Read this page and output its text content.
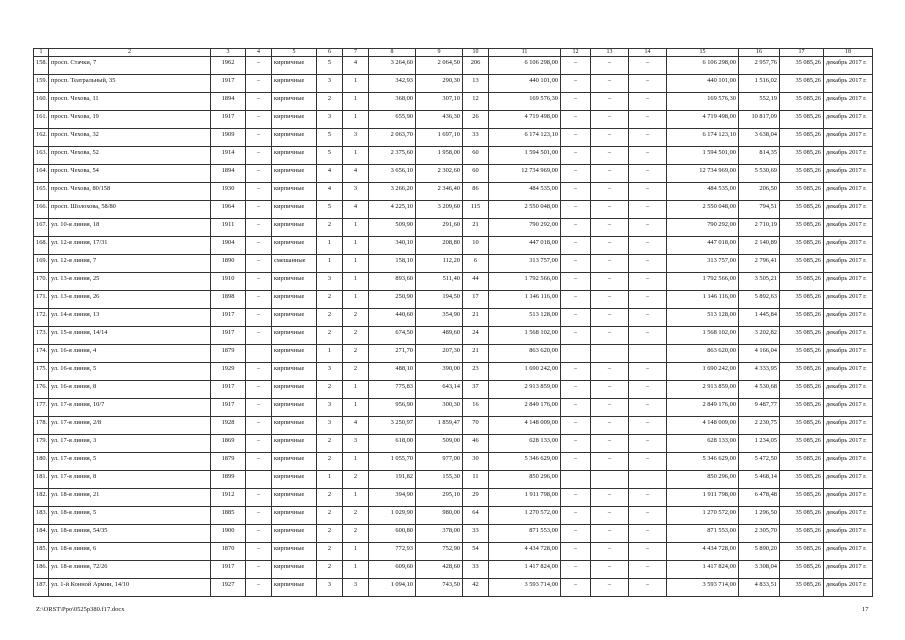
1	2	3	4	5	6	7	8	9	10	11	12	13	14	15	16	17	18
158.	просп. Стачки, 7	1962	–	кирпичные	5	4	3 264,60	2 064,50	206	6 106 298,00	–	–	–	6 106 298,00	2 957,76	35 085,26	декабрь 2017 г.
159.	просп. Театральный, 35	1917	–	кирпичные	3	1	342,93	290,30	13	440 101,00	–	–	–	440 101,00	1 516,02	35 085,26	декабрь 2017 г.
160.	просп. Чехова, 11	1894	–	кирпичные	2	1	368,00	307,10	12	169 576,30	–	–	–	169 576,30	552,19	35 085,26	декабрь 2017 г.
161.	просп. Чехова, 19	1917	–	кирпичные	3	1	655,90	436,30	26	4 719 498,00	–	–	–	4 719 498,00	10 817,09	35 085,26	декабрь 2017 г.
162.	просп. Чехова, 32	1909	–	кирпичные	5	3	2 063,70	1 697,10	33	6 174 123,10	–	–	–	6 174 123,10	3 638,04	35 085,26	декабрь 2017 г.
163.	просп. Чехова, 52	1914	–	кирпичные	5	1	2 375,60	1 958,00	60	1 594 501,00	–	–	–	1 594 501,00	814,35	35 085,26	декабрь 2017 г.
164.	просп. Чехова, 54	1894	–	кирпичные	4	4	3 656,10	2 302,60	60	12 734 969,00	–	–	–	12 734 969,00	5 530,69	35 085,26	декабрь 2017 г.
165.	просп. Чехова, 80/158	1930	–	кирпичные	4	3	3 266,20	2 346,40	86	484 535,00	–	–	–	484 535,00	206,50	35 085,26	декабрь 2017 г.
166.	просп. Шолохова, 58/80	1964	–	кирпичные	5	4	4 225,10	3 209,60	115	2 550 048,00	–	–	–	2 550 048,00	794,51	35 085,26	декабрь 2017 г.
167.	ул. 10-я линия, 18	1911	–	кирпичные	2	1	509,90	291,60	21	790 292,00	–	–	–	790 292,00	2 710,19	35 085,26	декабрь 2017 г.
168.	ул. 12-я линия, 17/31	1904	–	кирпичные	1	1	340,10	208,80	10	447 018,00	–	–	–	447 018,00	2 140,89	35 085,26	декабрь 2017 г.
169.	ул. 12-я линия, 7	1890	–	смешанные	1	1	158,10	112,20	6	313 757,00	–	–	–	313 757,00	2 796,41	35 085,26	декабрь 2017 г.
170.	ул. 13-я линия, 25	1910	–	кирпичные	3	1	893,60	511,40	44	1 792 566,00	–	–	–	1 792 566,00	3 505,21	35 085,26	декабрь 2017 г.
171.	ул. 13-я линия, 26	1898	–	кирпичные	2	1	250,90	194,50	17	1 146 116,00	–	–	–	1 146 116,00	5 892,63	35 085,26	декабрь 2017 г.
172.	ул. 14-я линия, 13	1917	–	кирпичные	2	2	440,60	354,90	21	513 128,00	–	–	–	513 128,00	1 445,84	35 085,26	декабрь 2017 г.
173.	ул. 15-я линия, 14/14	1917	–	кирпичные	2	2	674,50	489,60	24	1 568 102,00	–	–	–	1 568 102,00	3 202,82	35 085,26	декабрь 2017 г.
174.	ул. 16-я линия, 4	1879		кирпичные	1	2	271,70	207,30	21	863 620,00				863 620,00	4 166,04	35 085,26	декабрь 2017 г.
175.	ул. 16-я линия, 5	1929	–	кирпичные	3	2	488,10	390,00	23	1 690 242,00	–	–	–	1 690 242,00	4 333,95	35 085,26	декабрь 2017 г.
176.	ул. 16-я линия, 8	1917	–	кирпичные	2	1	775,83	643,14	37	2 913 859,00	–	–	–	2 913 859,00	4 530,68	35 085,26	декабрь 2017 г.
177.	ул. 17-я линия, 10/7	1917	–	кирпичные	3	1	956,90	300,30	16	2 849 176,00	–	–	–	2 849 176,00	9 487,77	35 085,26	декабрь 2017 г.
178.	ул. 17-я линия, 2/8	1928	–	кирпичные	3	4	3 250,97	1 859,47	70	4 148 009,00	–	–	–	4 148 009,00	2 230,75	35 085,26	декабрь 2017 г.
179.	ул. 17-я линия, 3	1869	–	кирпичные	2	3	618,00	509,00	46	628 133,00	–	–	–	628 133,00	1 234,05	35 085,26	декабрь 2017 г.
180.	ул. 17-я линия, 5	1879	–	кирпичные	2	1	1 055,70	977,00	30	5 346 629,00	–	–	–	5 346 629,00	5 472,50	35 085,26	декабрь 2017 г.
181.	ул. 17-я линия, 8	1899		кирпичные	1	2	191,82	155,30	11	850 296,00				850 296,00	5 468,14	35 085,26	декабрь 2017 г.
182.	ул. 18-я линия, 21	1912	–	кирпичные	2	1	394,90	295,10	29	1 911 798,00	–	–	–	1 911 798,00	6 478,48	35 085,26	декабрь 2017 г.
183.	ул. 18-я линия, 5	1885	–	кирпичные	2	2	1 029,90	980,00	64	1 270 572,00	–	–	–	1 270 572,00	1 296,50	35 085,26	декабрь 2017 г.
184.	ул. 18-я линия, 54/35	1900	–	кирпичные	2	2	600,80	378,00	33	871 553,00	–	–	–	871 553,00	2 305,70	35 085,26	декабрь 2017 г.
185.	ул. 18-я линия, 6	1870	–	кирпичные	2	1	772,93	752,90	54	4 434 728,00	–	–	–	4 434 728,00	5 890,20	35 085,26	декабрь 2017 г.
186.	ул. 18-я линия, 72/26	1917	–	кирпичные	2	1	609,60	428,60	33	1 417 824,00	–	–	–	1 417 824,00	3 308,04	35 085,26	декабрь 2017 г.
187.	ул. 1-й Конной Армии, 14/10	1927	–	кирпичные	3	3	1 094,10	743,50	42	3 593 714,00	–	–	–	3 593 714,00	4 833,51	35 085,26	декабрь 2017 г.
Z:\ORST\Ppo\0525p380.f17.docx	17
